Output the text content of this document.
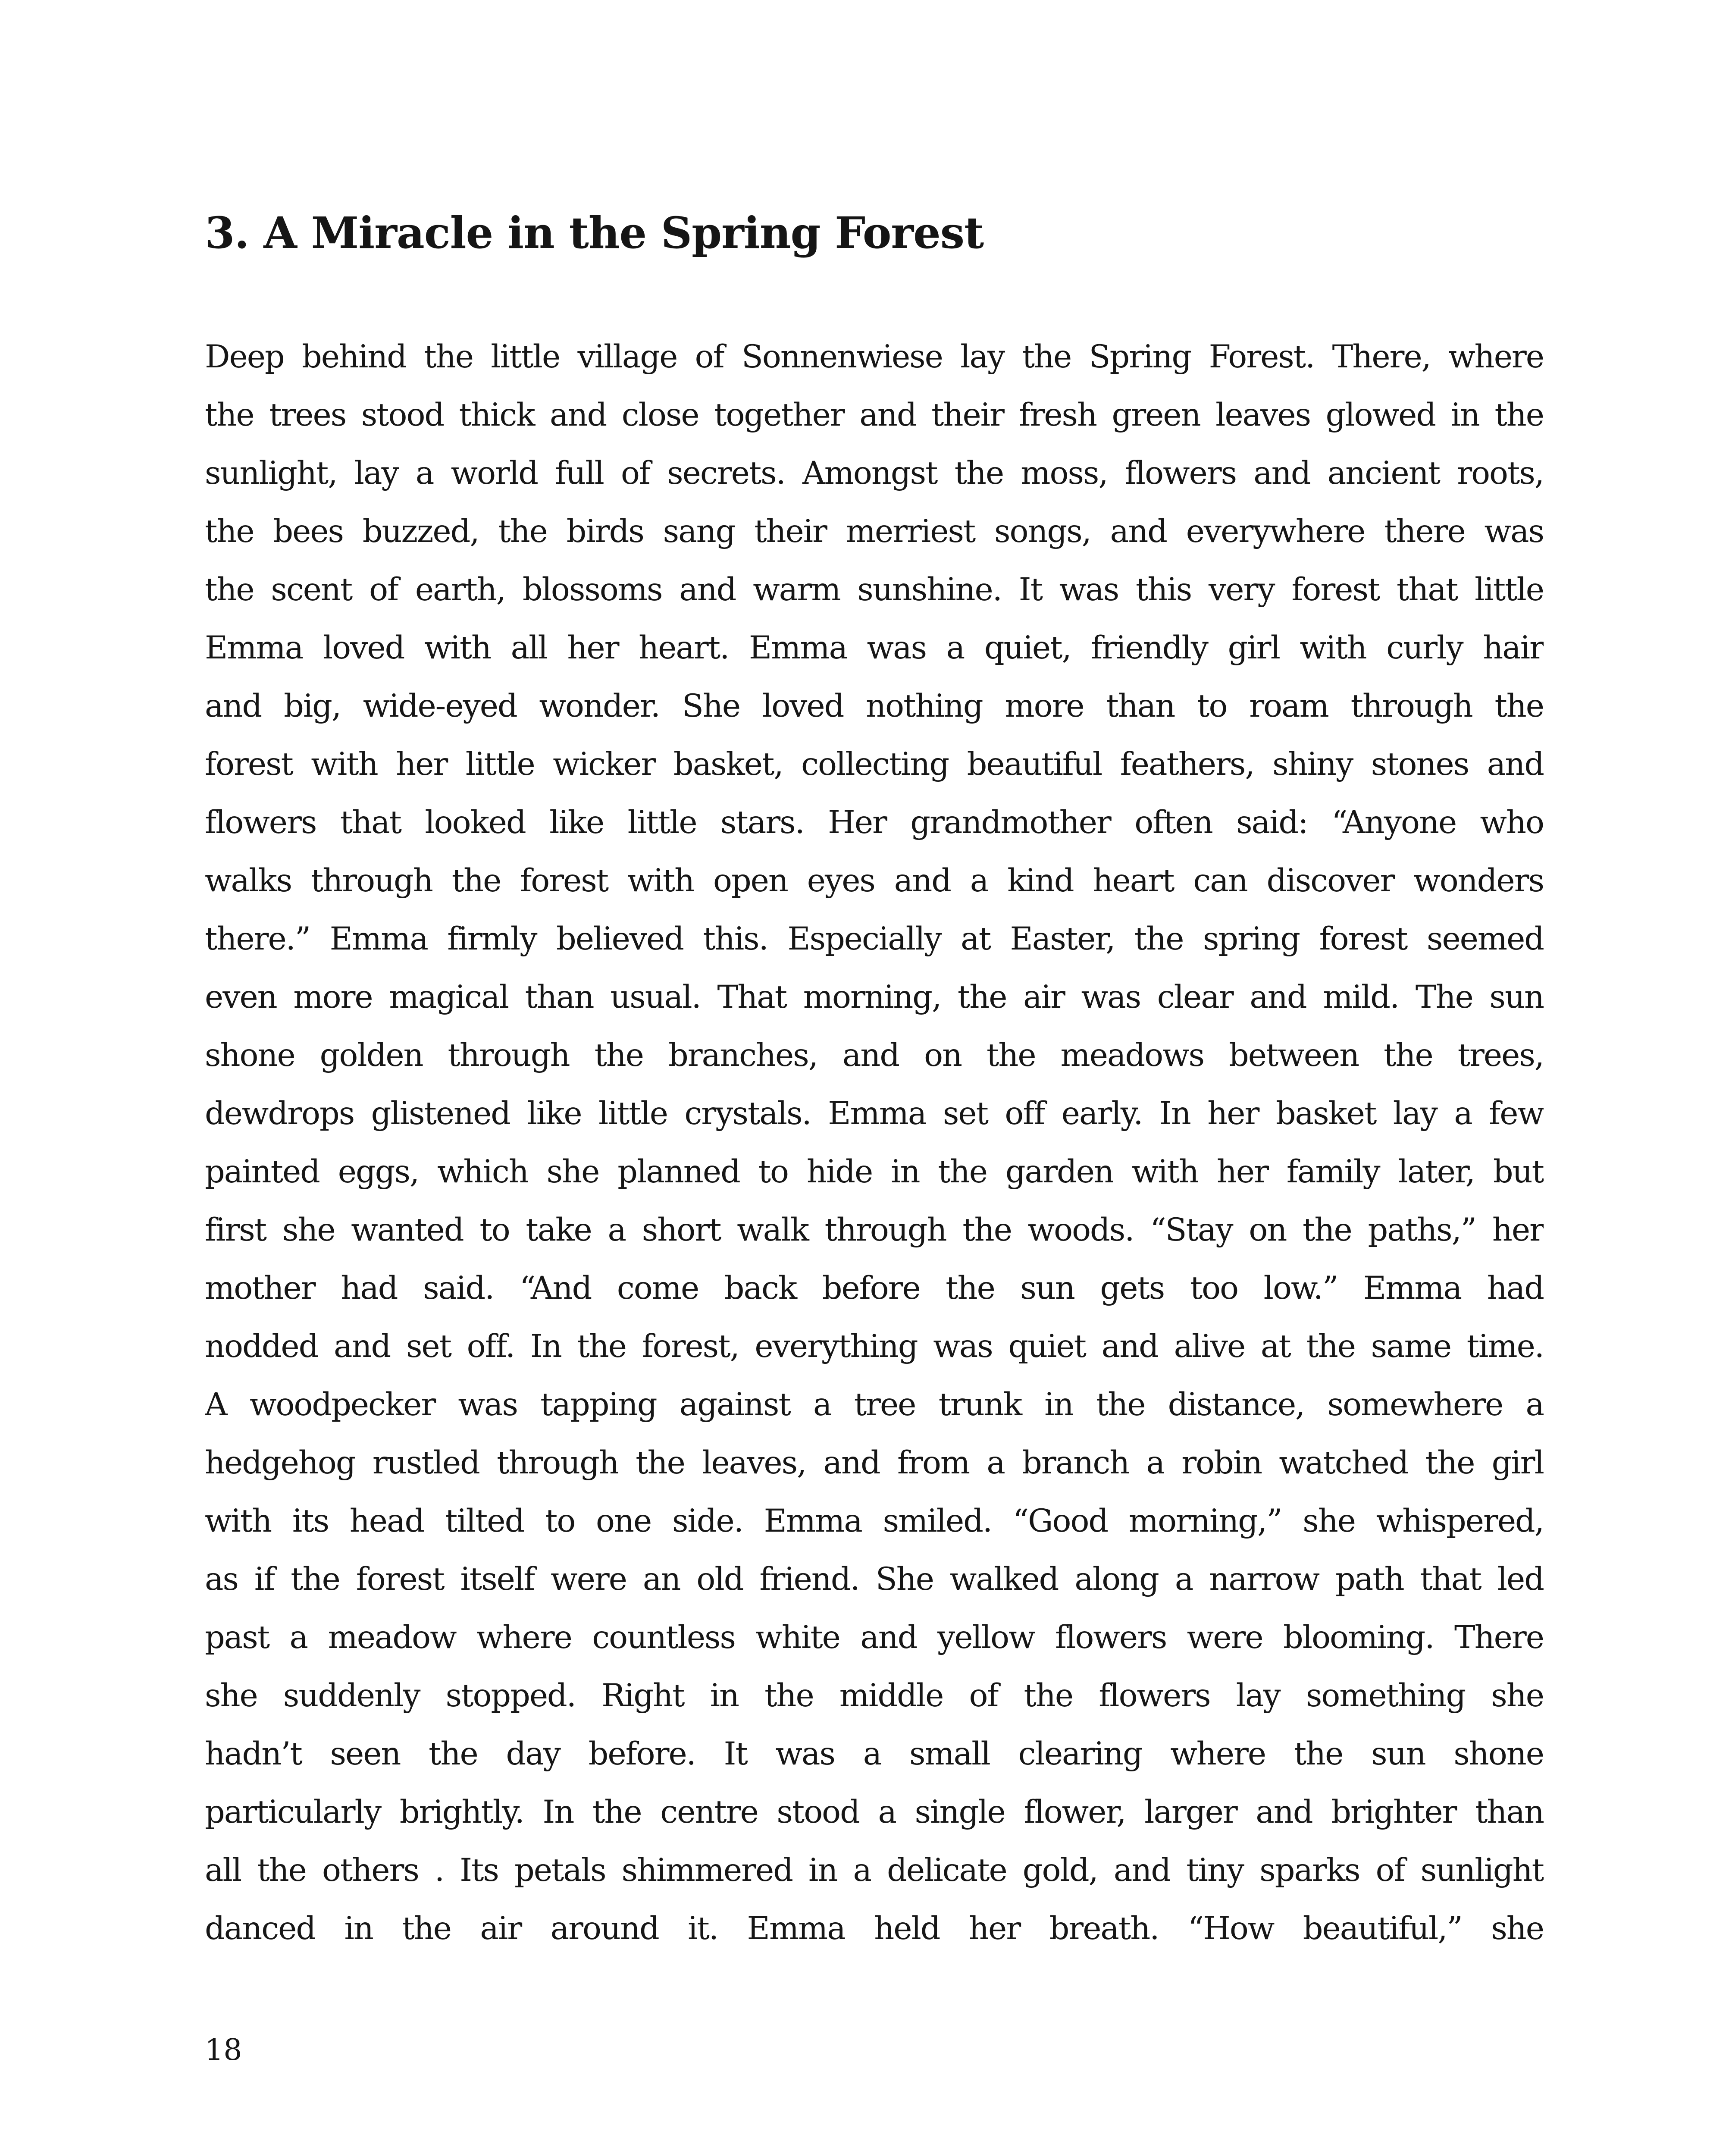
3. A Miracle in the Spring Forest
Deep behind the little village of Sonnenwiese lay the Spring Forest. There, where
the trees stood thick and close together and their fresh green leaves glowed in the
sunlight, lay a world full of secrets. Amongst the moss, flowers and ancient roots,
the bees buzzed, the birds sang their merriest songs, and everywhere there was
the scent of earth, blossoms and warm sunshine. It was this very forest that little
Emma loved with all her heart. Emma was a quiet, friendly girl with curly hair
and big, wide-eyed wonder. She loved nothing more than to roam through the
forest with her little wicker basket, collecting beautiful feathers, shiny stones and
flowers that looked like little stars. Her grandmother often said: “Anyone who
walks through the forest with open eyes and a kind heart can discover wonders
there.” Emma firmly believed this. Especially at Easter, the spring forest seemed
even more magical than usual. That morning, the air was clear and mild. The sun
shone golden through the branches, and on the meadows between the trees,
dewdrops glistened like little crystals. Emma set off early. In her basket lay a few
painted eggs, which she planned to hide in the garden with her family later, but
first she wanted to take a short walk through the woods. “Stay on the paths,” her
mother had said. “And come back before the sun gets too low.” Emma had
nodded and set off. In the forest, everything was quiet and alive at the same time.
A woodpecker was tapping against a tree trunk in the distance, somewhere a
hedgehog rustled through the leaves, and from a branch a robin watched the girl
with its head tilted to one side. Emma smiled. “Good morning,” she whispered,
as if the forest itself were an old friend. She walked along a narrow path that led
past a meadow where countless white and yellow flowers were blooming. There
she suddenly stopped. Right in the middle of the flowers lay something she
hadn’t seen the day before. It was a small clearing where the sun shone
particularly brightly. In the centre stood a single flower, larger and brighter than
all the others . Its petals shimmered in a delicate gold, and tiny sparks of sunlight
danced in the air around it. Emma held her breath. “How beautiful,” she
18
